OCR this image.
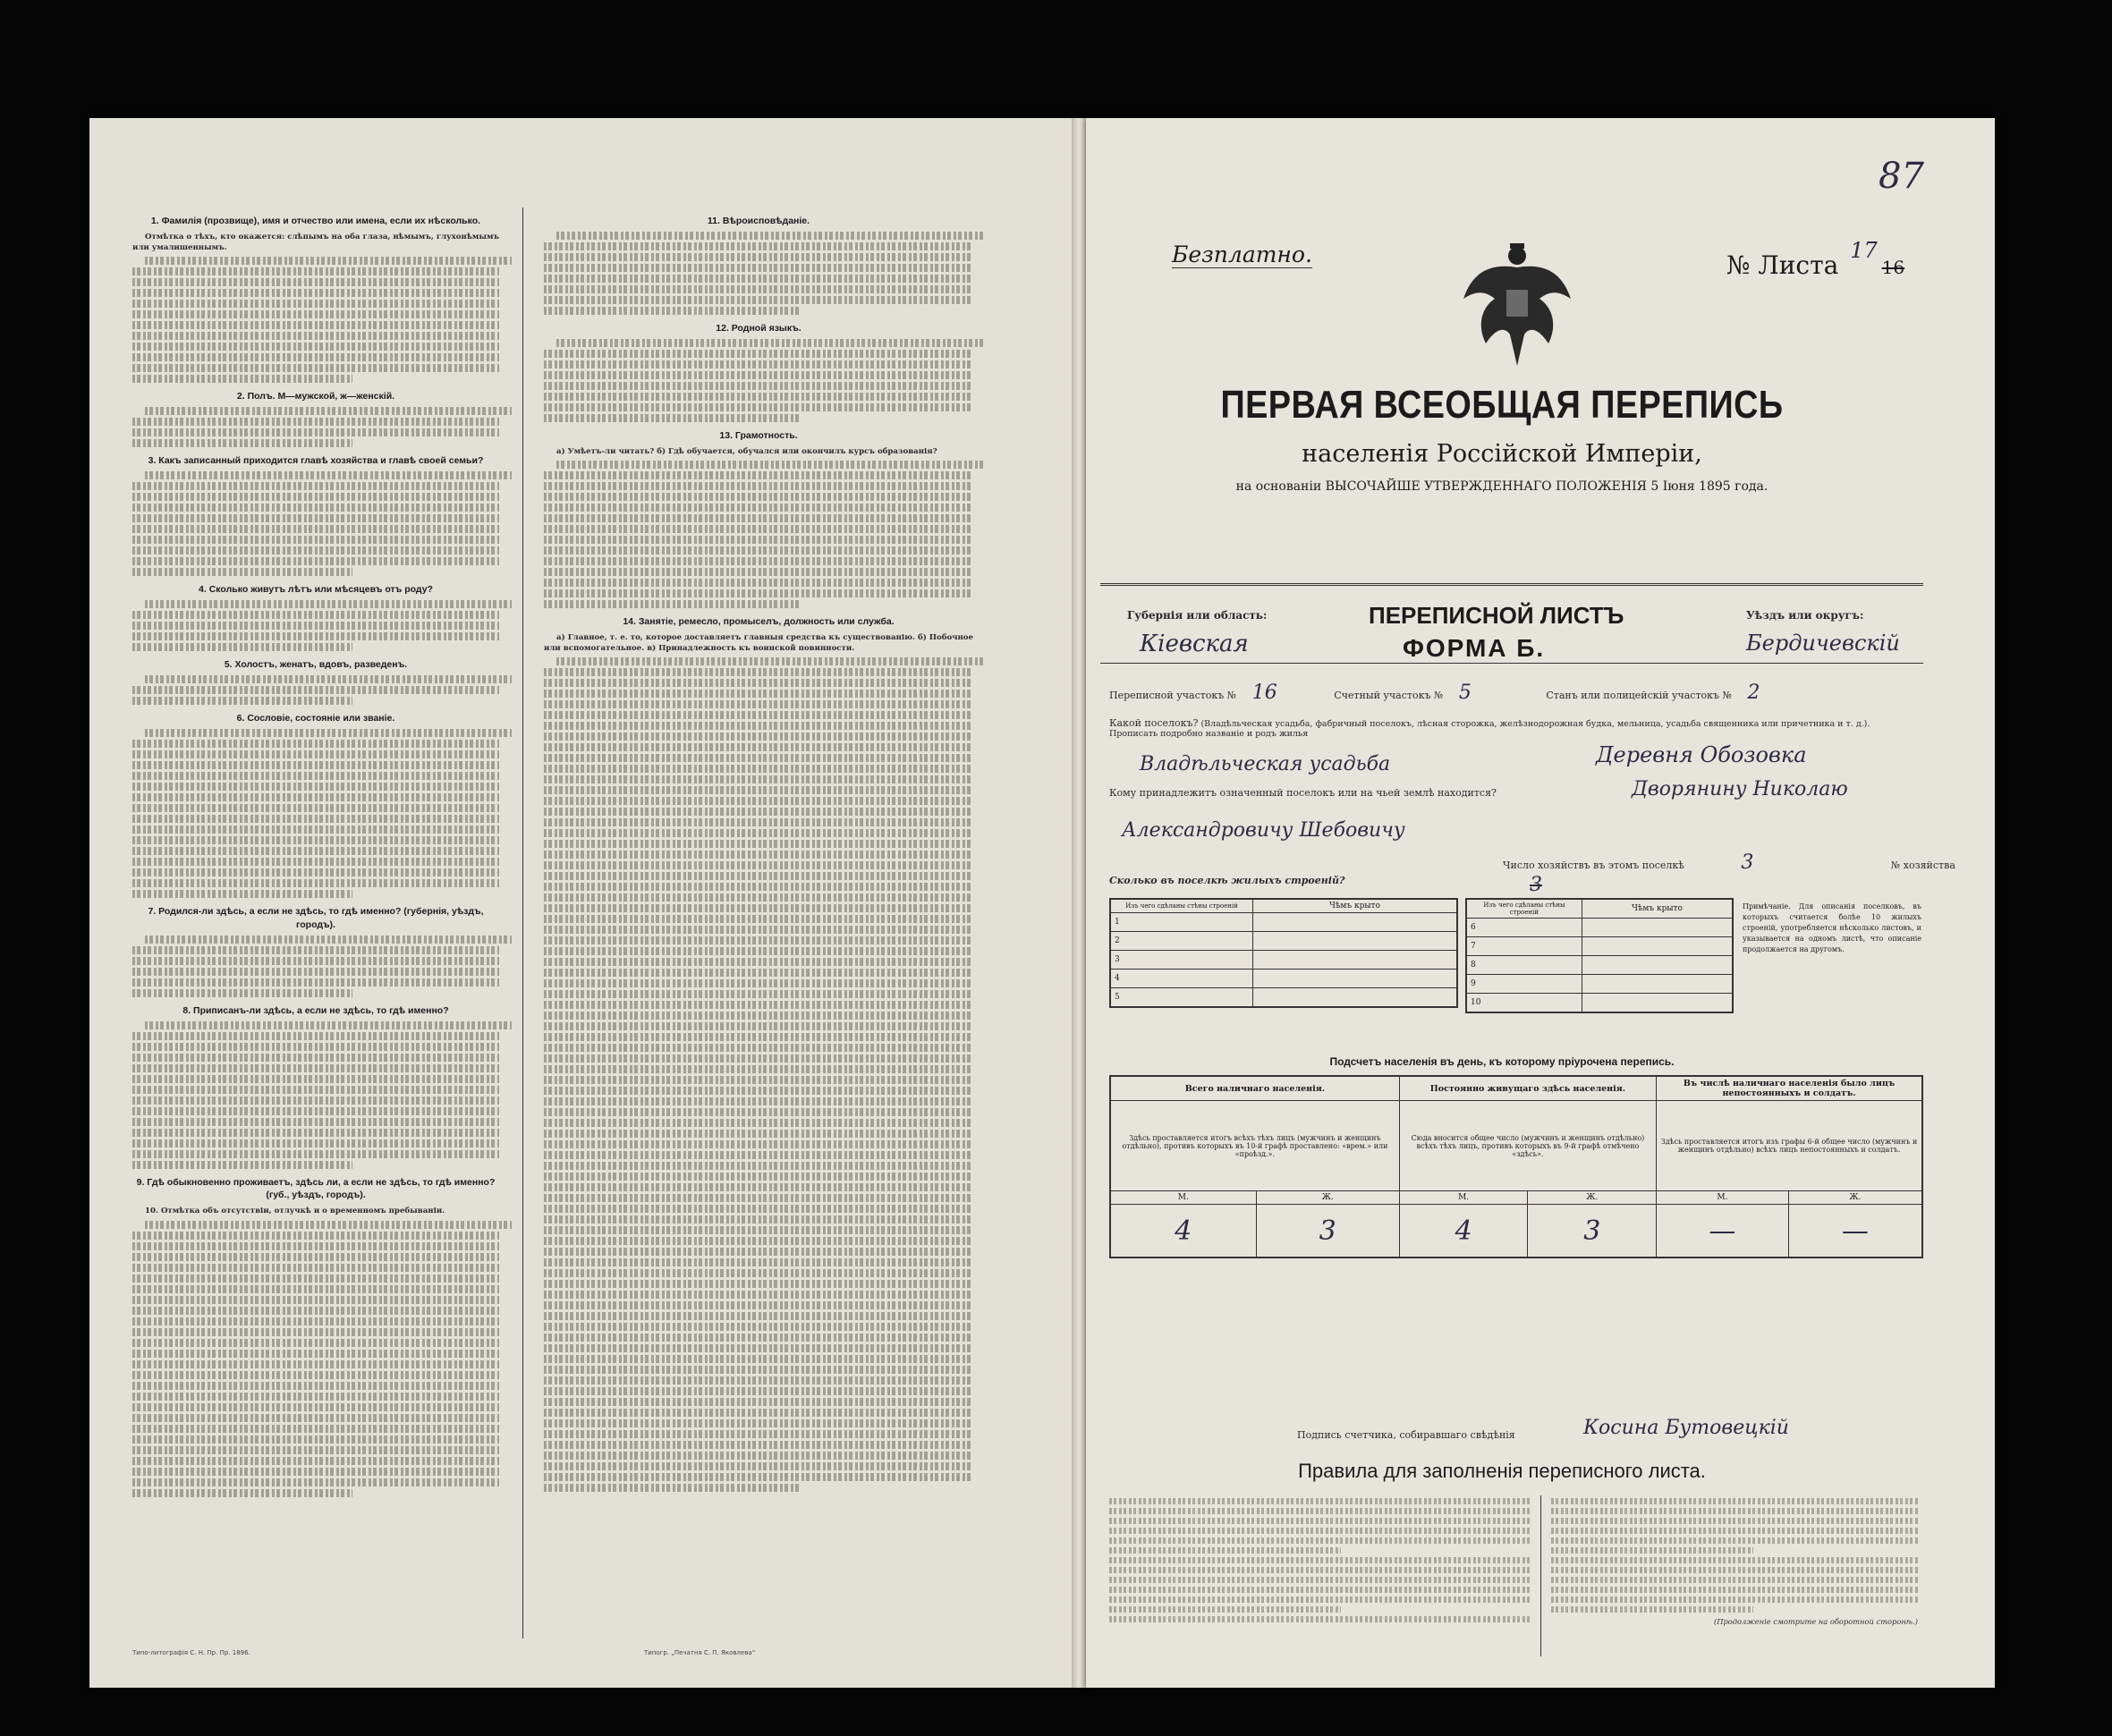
1. Фамилія (прозвище), имя и отчество или имена, если их нѣсколько.

Отмѣтка о тѣхъ, кто окажется: слѣпымъ на оба глаза, нѣмымъ, глухонѣмымъ или умалишеннымъ.

2. Полъ. М—мужской, ж—женскій.
3. Какъ записанный приходится главѣ хозяйства и главѣ своей семьи?
4. Сколько живутъ лѣтъ или мѣсяцевъ отъ роду?
5. Холостъ, женатъ, вдовъ, разведенъ.
6. Сословіе, состояніе или званіе.
7. Родился-ли здѣсь, а если не здѣсь, то гдѣ именно? (губернія, уѣздъ, городъ).
8. Приписанъ-ли здѣсь, а если не здѣсь, то гдѣ именно?
9. Гдѣ обыкновенно проживаетъ, здѣсь ли, а если не здѣсь, то гдѣ именно? (губ., уѣздъ, городъ).

10. Отмѣтка объ отсутствіи, отлучкѣ и о временномъ пребываніи.

11. Вѣроисповѣданіе.
12. Родной языкъ.
13. Грамотность.

а) Умѣетъ-ли читать? б) Гдѣ обучается, обучался или окончилъ курсъ образованія?

14. Занятіе, ремесло, промыселъ, должность или служба.

а) Главное, т. е. то, которое доставляетъ главныя средства къ существованію. б) Побочное или вспомогательное. в) Принадлежность къ воинской повинности.

Типо-литографія С. Н. Пр. Пр. 1896.	Типогр. „Печатня С. П. Яковлева“
87
Безплатно.	№ Листа 17 16
ПЕРВАЯ ВСЕОБЩАЯ ПЕРЕПИСЬ
населенія Россійской Имперіи,
на основаніи ВЫСОЧАЙШЕ УТВЕРЖДЕННАГО ПОЛОЖЕНІЯ 5 Іюня 1895 года.
Губернія или область:
Кіевская
ПЕРЕПИСНОЙ ЛИСТЪ
ФОРМА Б.
Уѣздъ или округъ:
Бердичевскій
Переписной участокъ № 16	Счетный участокъ № 5	Станъ или полицейскій участокъ № 2
Какой поселокъ? (Владѣльческая усадьба, фабричный поселокъ, лѣсная сторожка, желѣзнодорожная будка, мельница, усадьба священника или причетника и т. д.). Прописать подробно названіе и родъ жилья
Владѣльческая усадьба	Деревня Обозовка
Кому принадлежитъ означенный поселокъ или на чьей землѣ находится?	Дворянину Николаю
Александровичу Шебовичу
Число хозяйствъ въ этомъ поселкѣ	3	№ хозяйства 3
Сколько въ поселкѣ жилыхъ строеній?
Изъ чего сдѣланы стѣны строеній	Чѣмъ крыто
1	
2	
3	
4	
5	
Изъ чего сдѣланы стѣны строеній	Чѣмъ крыто
6	
7	
8	
9	
10	
Примѣчаніе. Для описанія поселковъ, въ которыхъ считается болѣе 10 жилыхъ строеній, употребляется нѣсколько листовъ, и указывается на одномъ листѣ, что описаніе продолжается на другомъ.
Подсчетъ населенія въ день, къ которому пріурочена перепись.
Всего наличнаго населенія.		Постоянно живущаго здѣсь населенія.		Въ числѣ наличнаго населенія было лицъ непостоянныхъ и солдатъ.	
Здѣсь проставляется итогъ всѣхъ тѣхъ лицъ (мужчинъ и женщинъ отдѣльно), противъ которыхъ въ 10-й графѣ проставлено: «врем.» или «проѣзд.».		Сюда вносится общее число (мужчинъ и женщинъ отдѣльно) всѣхъ тѣхъ лицъ, противъ которыхъ въ 9-й графѣ отмѣчено «здѣсь».		Здѣсь проставляется итогъ изъ графы 6-й общее число (мужчинъ и женщинъ отдѣльно) всѣхъ лицъ непостоянныхъ и солдатъ.	
М.	Ж.	М.	Ж.	М.	Ж.
4	3	4	3	—	—
Подпись счетчика, собиравшаго свѣдѣнія	Косина Бутовецкій
Правила для заполненія переписного листа.
(Продолженіе смотрите на оборотной сторонѣ.)
